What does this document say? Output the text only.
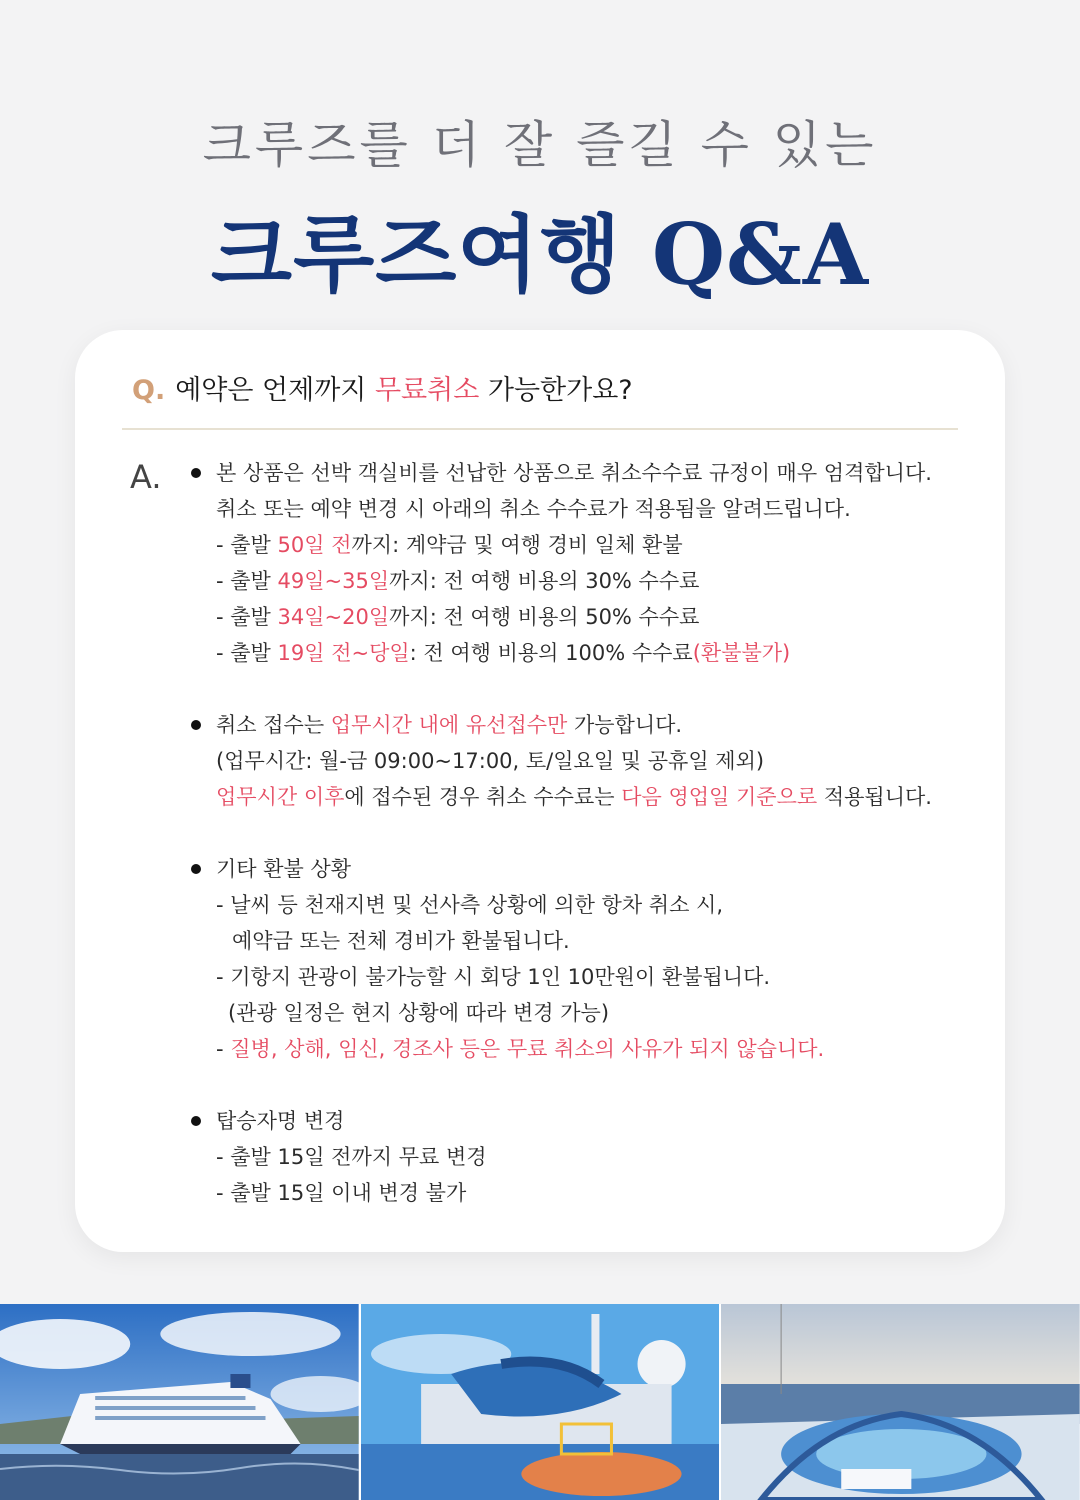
크루즈를 더 잘 즐길 수 있는
크루즈여행 Q&A
Q. 예약은 언제까지 무료취소 가능한가요?
A.	본 상품은 선박 객실비를 선납한 상품으로 취소수수료 규정이 매우 엄격합니다.
취소 또는 예약 변경 시 아래의 취소 수수료가 적용됨을 알려드립니다.
- 출발 50일 전까지: 계약금 및 여행 경비 일체 환불
- 출발 49일~35일까지: 전 여행 비용의 30% 수수료
- 출발 34일~20일까지: 전 여행 비용의 50% 수수료
- 출발 19일 전~당일: 전 여행 비용의 100% 수수료(환불불가)
취소 접수는 업무시간 내에 유선접수만 가능합니다.
(업무시간: 월-금 09:00~17:00, 토/일요일 및 공휴일 제외)
업무시간 이후에 접수된 경우 취소 수수료는 다음 영업일 기준으로 적용됩니다.
기타 환불 상황
- 날씨 등 천재지변 및 선사측 상황에 의한 항차 취소 시,
예약금 또는 전체 경비가 환불됩니다.
- 기항지 관광이 불가능할 시 회당 1인 10만원이 환불됩니다.
(관광 일정은 현지 상황에 따라 변경 가능)
- 질병, 상해, 임신, 경조사 등은 무료 취소의 사유가 되지 않습니다.
탑승자명 변경
- 출발 15일 전까지 무료 변경
- 출발 15일 이내 변경 불가
